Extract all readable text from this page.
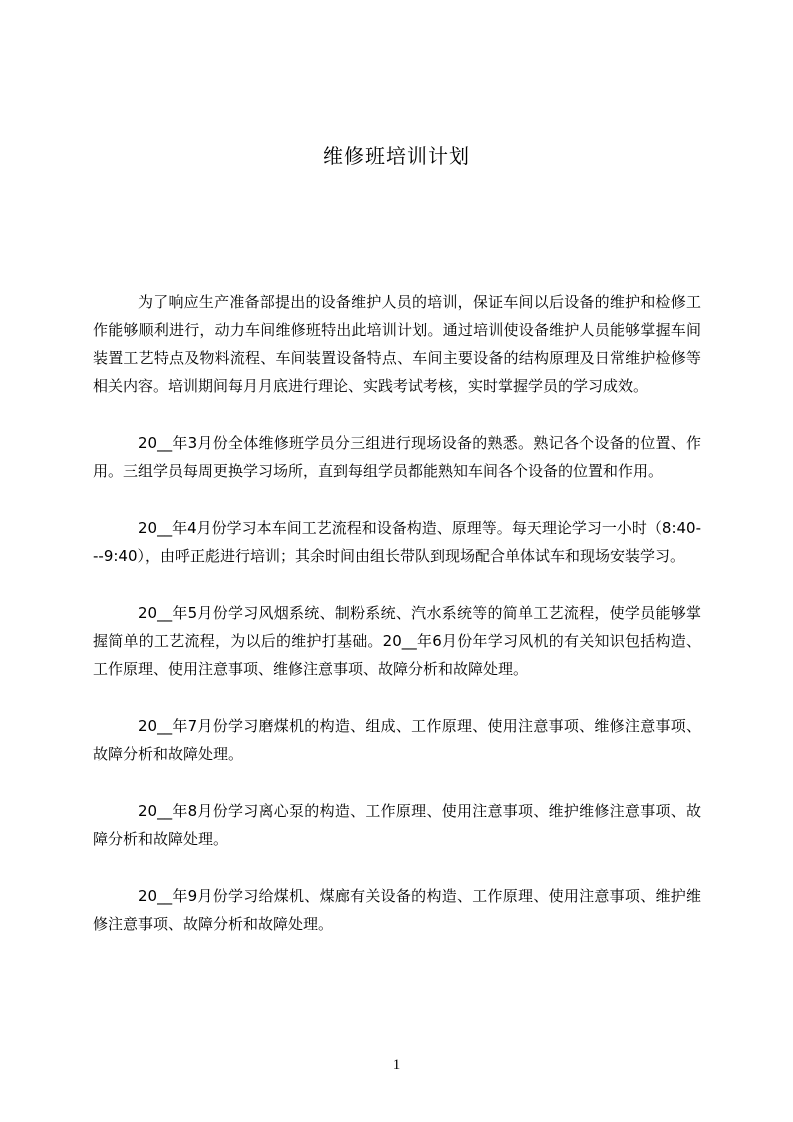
维修班培训计划

为了响应生产准备部提出的设备维护人员的培训，保证车间以后设备的维护和检修工作能够顺利进行，动力车间维修班特出此培训计划。通过培训使设备维护人员能够掌握车间装置工艺特点及物料流程、车间装置设备特点、车间主要设备的结构原理及日常维护检修等相关内容。培训期间每月月底进行理论、实践考试考核，实时掌握学员的学习成效。

20__年3月份全体维修班学员分三组进行现场设备的熟悉。熟记各个设备的位置、作用。三组学员每周更换学习场所，直到每组学员都能熟知车间各个设备的位置和作用。

20__年4月份学习本车间工艺流程和设备构造、原理等。每天理论学习一小时（8:40---9:40），由呼正彪进行培训；其余时间由组长带队到现场配合单体试车和现场安装学习。

20__年5月份学习风烟系统、制粉系统、汽水系统等的简单工艺流程，使学员能够掌握简单的工艺流程，为以后的维护打基础。20__年6月份年学习风机的有关知识包括构造、工作原理、使用注意事项、维修注意事项、故障分析和故障处理。

20__年7月份学习磨煤机的构造、组成、工作原理、使用注意事项、维修注意事项、故障分析和故障处理。

20__年8月份学习离心泵的构造、工作原理、使用注意事项、维护维修注意事项、故障分析和故障处理。

20__年9月份学习给煤机、煤廊有关设备的构造、工作原理、使用注意事项、维护维修注意事项、故障分析和故障处理。

1
